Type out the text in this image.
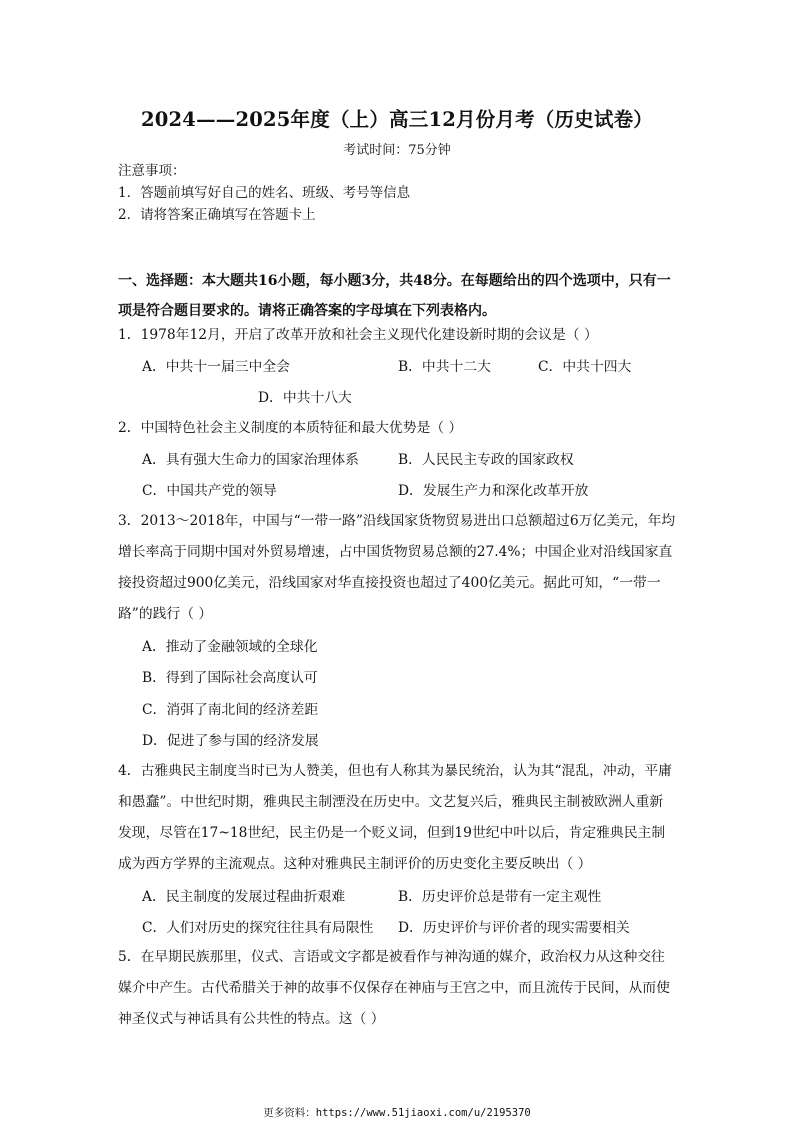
2024——2025年度（上）高三12月份月考（历史试卷）
考试时间：75分钟
注意事项：
1．答题前填写好自己的姓名、班级、考号等信息
2．请将答案正确填写在答题卡上
一、选择题：本大题共16小题，每小题3分，共48分。在每题给出的四个选项中，只有一
项是符合题目要求的。请将正确答案的字母填在下列表格内。
1．1978年12月，开启了改革开放和社会主义现代化建设新时期的会议是（ ）
A．中共十一届三中全会	B．中共十二大	C．中共十四大
D．中共十八大
2．中国特色社会主义制度的本质特征和最大优势是（ ）
A．具有强大生命力的国家治理体系	B．人民民主专政的国家政权
C．中国共产党的领导	D．发展生产力和深化改革开放
3．2013～2018年，中国与“一带一路”沿线国家货物贸易进出口总额超过6万亿美元，年均
增长率高于同期中国对外贸易增速，占中国货物贸易总额的27.4%；中国企业对沿线国家直
接投资超过900亿美元，沿线国家对华直接投资也超过了400亿美元。据此可知，“一带一
路”的践行（ ）
A．推动了金融领域的全球化
B．得到了国际社会高度认可
C．消弭了南北间的经济差距
D．促进了参与国的经济发展
4．古雅典民主制度当时已为人赞美，但也有人称其为暴民统治，认为其“混乱，冲动，平庸
和愚蠢”。中世纪时期，雅典民主制湮没在历史中。文艺复兴后，雅典民主制被欧洲人重新
发现，尽管在17~18世纪，民主仍是一个贬义词，但到19世纪中叶以后，肯定雅典民主制
成为西方学界的主流观点。这种对雅典民主制评价的历史变化主要反映出（ ）
A．民主制度的发展过程曲折艰难	B．历史评价总是带有一定主观性
C．人们对历史的探究往往具有局限性 D．历史评价与评价者的现实需要相关
5．在早期民族那里，仪式、言语或文字都是被看作与神沟通的媒介，政治权力从这种交往
媒介中产生。古代希腊关于神的故事不仅保存在神庙与王宫之中，而且流传于民间，从而使
神圣仪式与神话具有公共性的特点。这（ ）
更多资料：https://www.51jiaoxi.com/u/2195370
